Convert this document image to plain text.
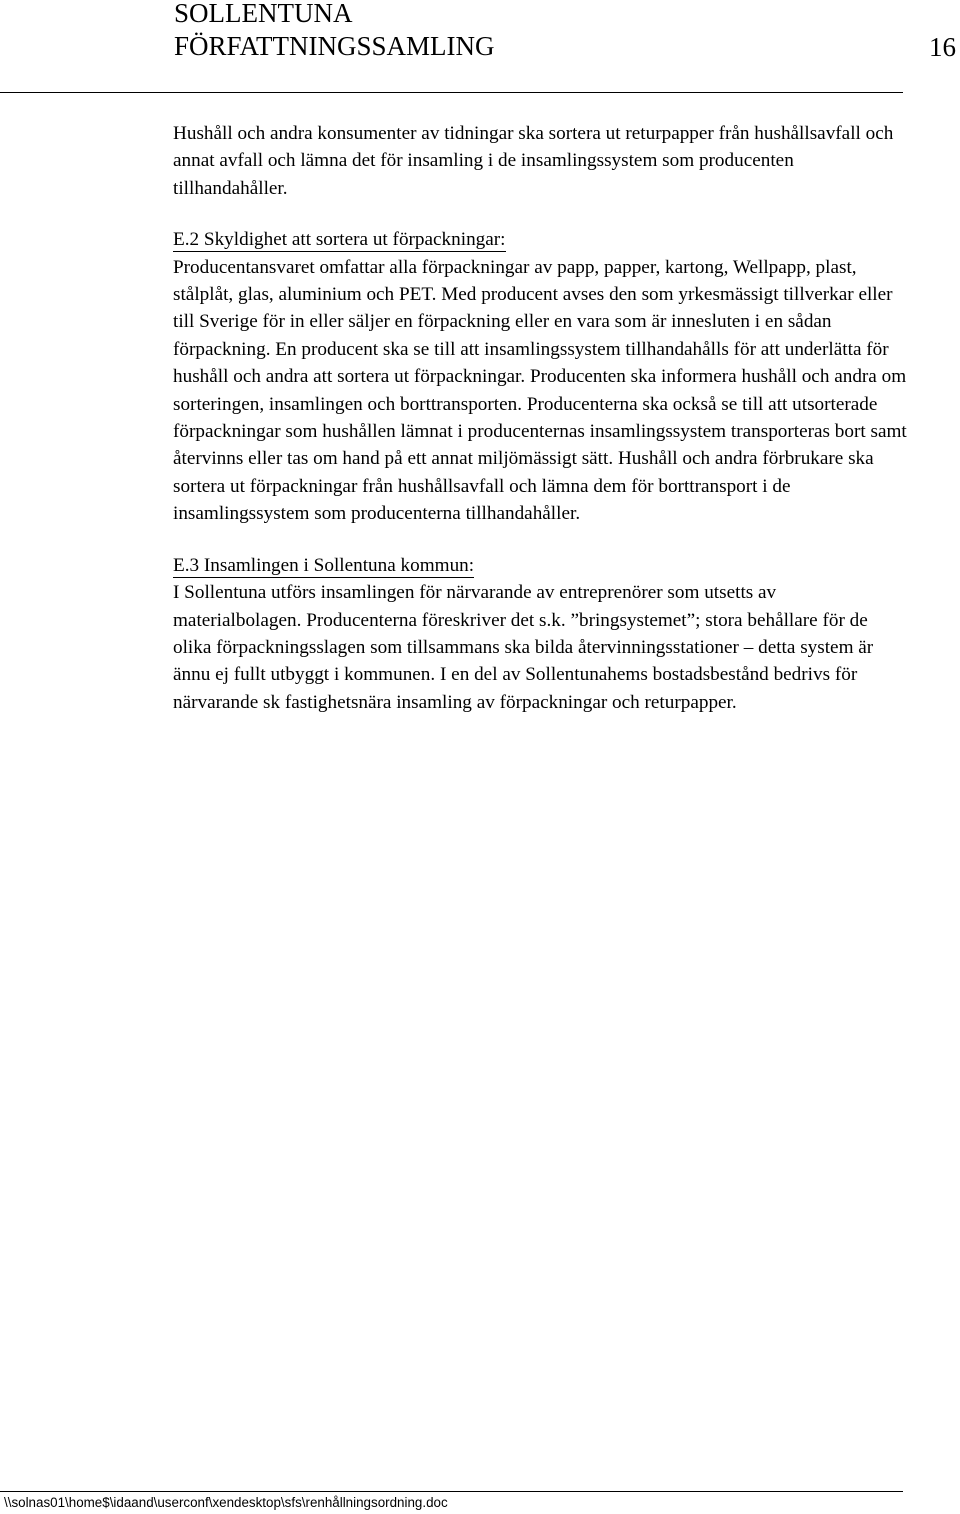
SOLLENTUNA
FÖRFATTNINGSSAMLING	16

Hushåll och andra konsumenter av tidningar ska sortera ut returpapper från hushållsavfall och annat avfall och lämna det för insamling i de insamlingssystem som producenten tillhandahåller.

E.2 Skyldighet att sortera ut förpackningar:

Producentansvaret omfattar alla förpackningar av papp, papper, kartong, Wellpapp, plast, stålplåt, glas, aluminium och PET. Med producent avses den som yrkesmässigt tillverkar eller till Sverige för in eller säljer en förpackning eller en vara som är innesluten i en sådan förpackning. En producent ska se till att insamlingssystem tillhandahålls för att underlätta för hushåll och andra att sortera ut förpackningar. Producenten ska informera hushåll och andra om sorteringen, insamlingen och borttransporten. Producenterna ska också se till att utsorterade förpackningar som hushållen lämnat i producenternas insamlingssystem transporteras bort samt återvinns eller tas om hand på ett annat miljömässigt sätt. Hushåll och andra förbrukare ska sortera ut förpackningar från hushållsavfall och lämna dem för borttransport i de insamlingssystem som producenterna tillhandahåller.

E.3 Insamlingen i Sollentuna kommun:

I Sollentuna utförs insamlingen för närvarande av entreprenörer som utsetts av materialbolagen. Producenterna föreskriver det s.k. ”bringsystemet”; stora behållare för de olika förpackningsslagen som tillsammans ska bilda återvinningsstationer – detta system är ännu ej fullt utbyggt i kommunen. I en del av Sollentunahems bostadsbestånd bedrivs för närvarande sk fastighetsnära insamling av förpackningar och returpapper.

\\solnas01\home$\idaand\userconf\xendesktop\sfs\renhållningsordning.doc
